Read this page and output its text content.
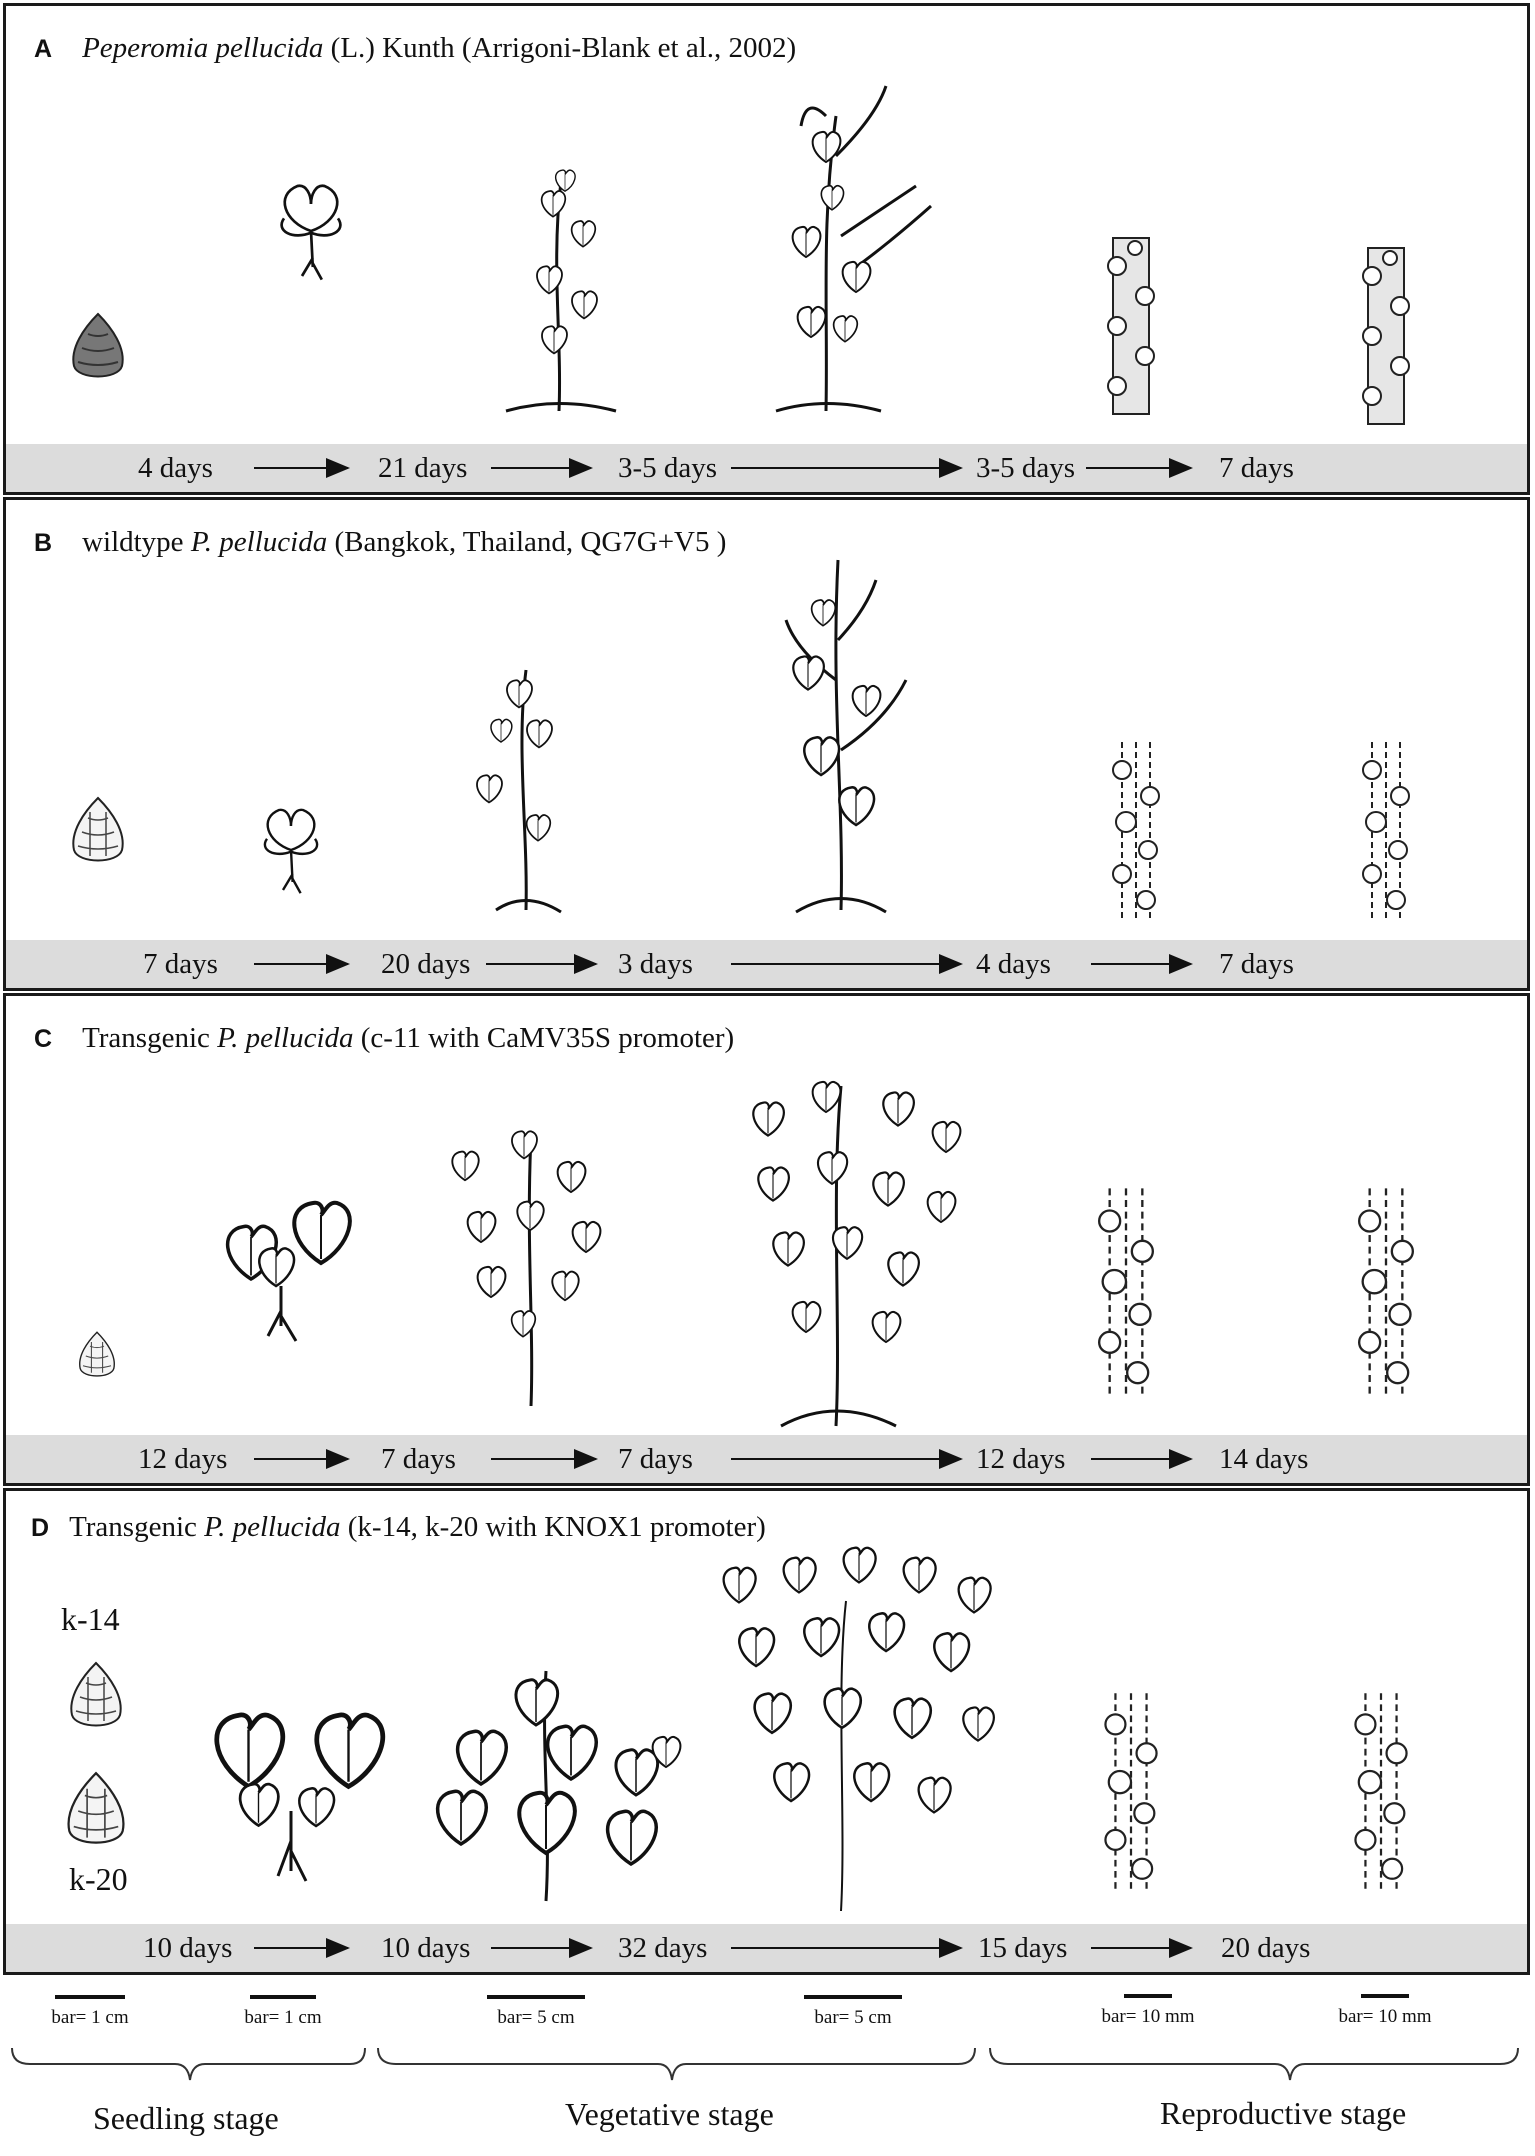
A Peperomia pellucida (L.) Kunth (Arrigoni-Blank et al., 2002)
4 days	21 days	3-5 days	3-5 days	7 days
B wildtype P. pellucida (Bangkok, Thailand, QG7G+V5 )
7 days	20 days	3 days	4 days	7 days
C Transgenic P. pellucida (c-11 with CaMV35S promoter)
12 days	7 days	7 days	12 days	14 days
D Transgenic P. pellucida (k-14, k-20 with KNOX1 promoter)
k-14
k-20
10 days	10 days	32 days	15 days	20 days
bar= 1 cm	bar= 1 cm	bar= 5 cm	bar= 5 cm	bar= 10 mm	bar= 10 mm
Seedling stage	Vegetative stage	Reproductive stage
